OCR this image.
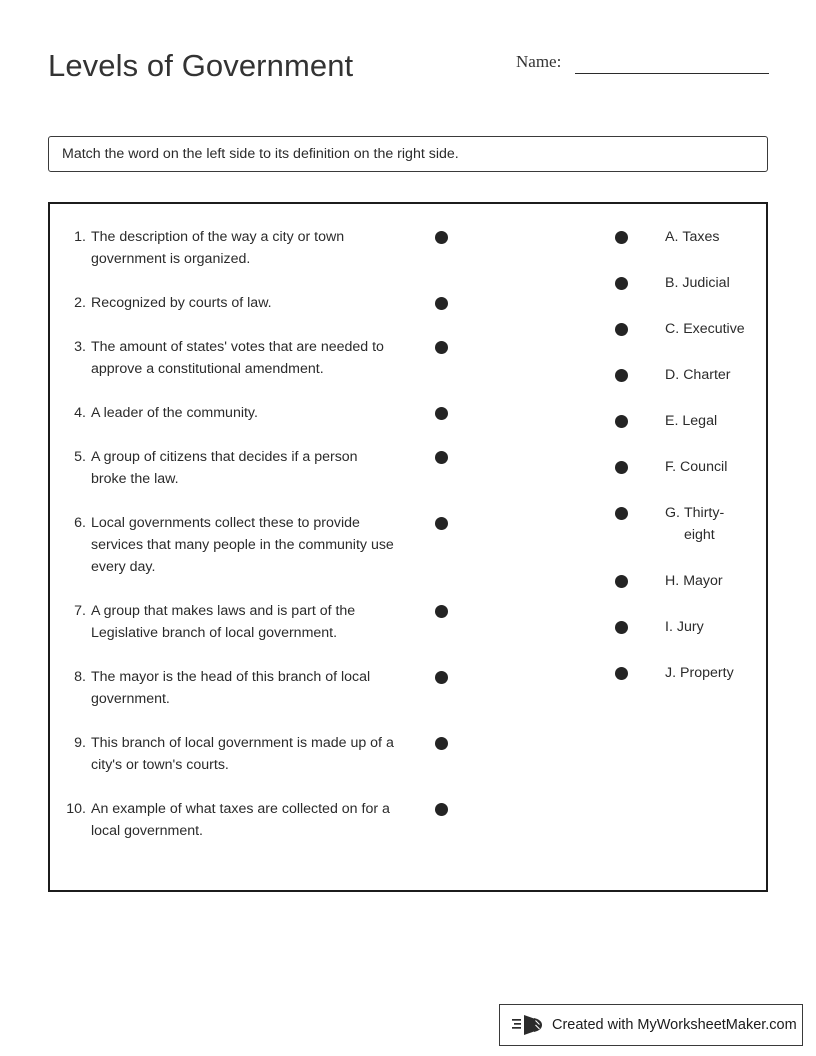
Levels of Government	Name:
Match the word on the left side to its definition on the right side.
1. The description of the way a city or town government is organized.
2. Recognized by courts of law.
3. The amount of states' votes that are needed to approve a constitutional amendment.
4. A leader of the community.
5. A group of citizens that decides if a person broke the law.
6. Local governments collect these to provide services that many people in the community use every day.
7. A group that makes laws and is part of the Legislative branch of local government.
8. The mayor is the head of this branch of local government.
9. This branch of local government is made up of a city's or town's courts.
10. An example of what taxes are collected on for a local government.
A. Taxes
B. Judicial
C. Executive
D. Charter
E. Legal
F. Council
G. Thirty-eight
H. Mayor
I. Jury
J. Property
Created with MyWorksheetMaker.com
